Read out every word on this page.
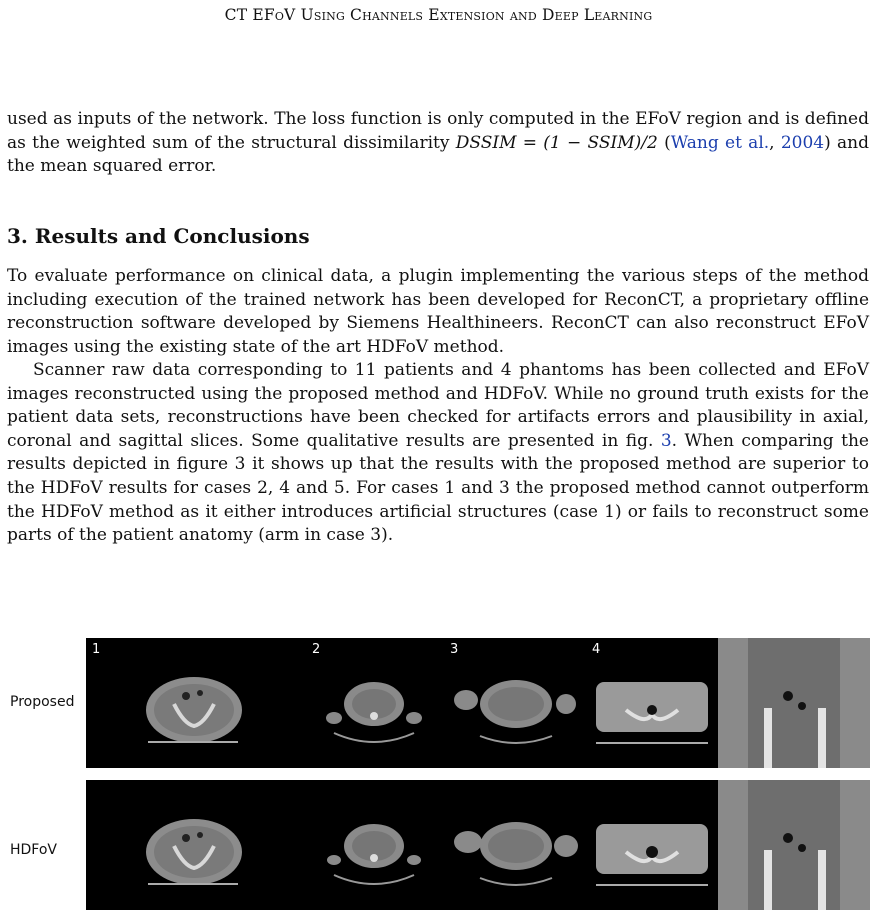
CT EFoV Using Channels Extension and Deep Learning

used as inputs of the network. The loss function is only computed in the EFoV region and is defined as the weighted sum of the structural dissimilarity DSSIM = (1 − SSIM)/2 (Wang et al., 2004) and the mean squared error.

3. Results and Conclusions

To evaluate performance on clinical data, a plugin implementing the various steps of the method including execution of the trained network has been developed for ReconCT, a proprietary offline reconstruction software developed by Siemens Healthineers. ReconCT can also reconstruct EFoV images using the existing state of the art HDFoV method.

Scanner raw data corresponding to 11 patients and 4 phantoms has been collected and EFoV images reconstructed using the proposed method and HDFoV. While no ground truth exists for the patient data sets, reconstructions have been checked for artifacts errors and plausibility in axial, coronal and sagittal slices. Some qualitative results are presented in fig. 3. When comparing the results depicted in figure 3 it shows up that the results with the proposed method are superior to the HDFoV results for cases 2, 4 and 5. For cases 1 and 3 the proposed method cannot outperform the HDFoV method as it either introduces artificial structures (case 1) or fails to reconstruct some parts of the patient anatomy (arm in case 3).

Proposed
HDFoV
1	2	3	4
